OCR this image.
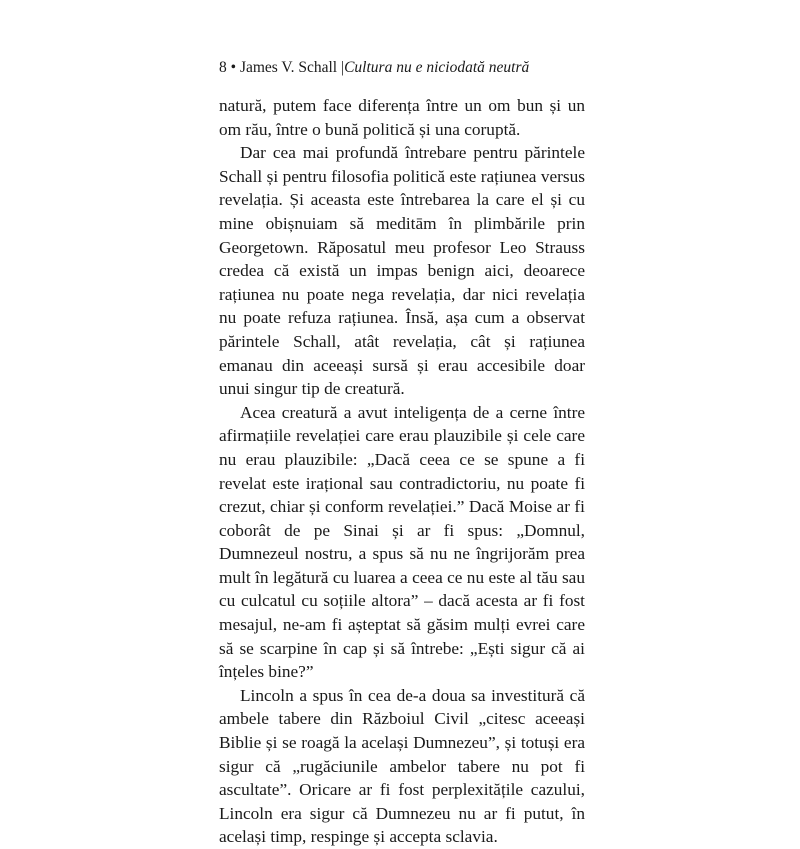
8 • James V. Schall |Cultura nu e niciodată neutră

natură, putem face diferența între un om bun și un om rău, între o bună politică și una coruptă.

Dar cea mai profundă întrebare pentru părintele Schall și pentru filosofia politică este rațiunea versus revelația. Și aceasta este întrebarea la care el și cu mine obișnuiam să meditām în plimbările prin Georgetown. Răposatul meu profesor Leo Strauss credea că există un impas benign aici, deoarece rațiunea nu poate nega revelația, dar nici revelația nu poate refuza rațiunea. Însă, așa cum a observat părintele Schall, atât revelația, cât și rațiunea emanau din aceeași sursă și erau accesibile doar unui singur tip de creatură.

Acea creatură a avut inteligența de a cerne între afirmațiile revelației care erau plauzibile și cele care nu erau plauzibile: „Dacă ceea ce se spune a fi revelat este irațional sau contradictoriu, nu poate fi crezut, chiar și conform revelației.” Dacă Moise ar fi coborât de pe Sinai și ar fi spus: „Domnul, Dumnezeul nostru, a spus să nu ne îngrijorăm prea mult în legătură cu luarea a ceea ce nu este al tău sau cu culcatul cu soțiile altora” – dacă acesta ar fi fost mesajul, ne-am fi așteptat să găsim mulți evrei care să se scarpine în cap și să întrebe: „Ești sigur că ai înțeles bine?”

Lincoln a spus în cea de-a doua sa investitură că ambele tabere din Războiul Civil „citesc aceeași Biblie și se roagă la același Dumnezeu”, și totuși era sigur că „rugăciunile ambelor tabere nu pot fi ascultate”. Oricare ar fi fost perplexitățile cazului, Lincoln era sigur că Dumnezeu nu ar fi putut, în același timp, respinge și accepta sclavia.
